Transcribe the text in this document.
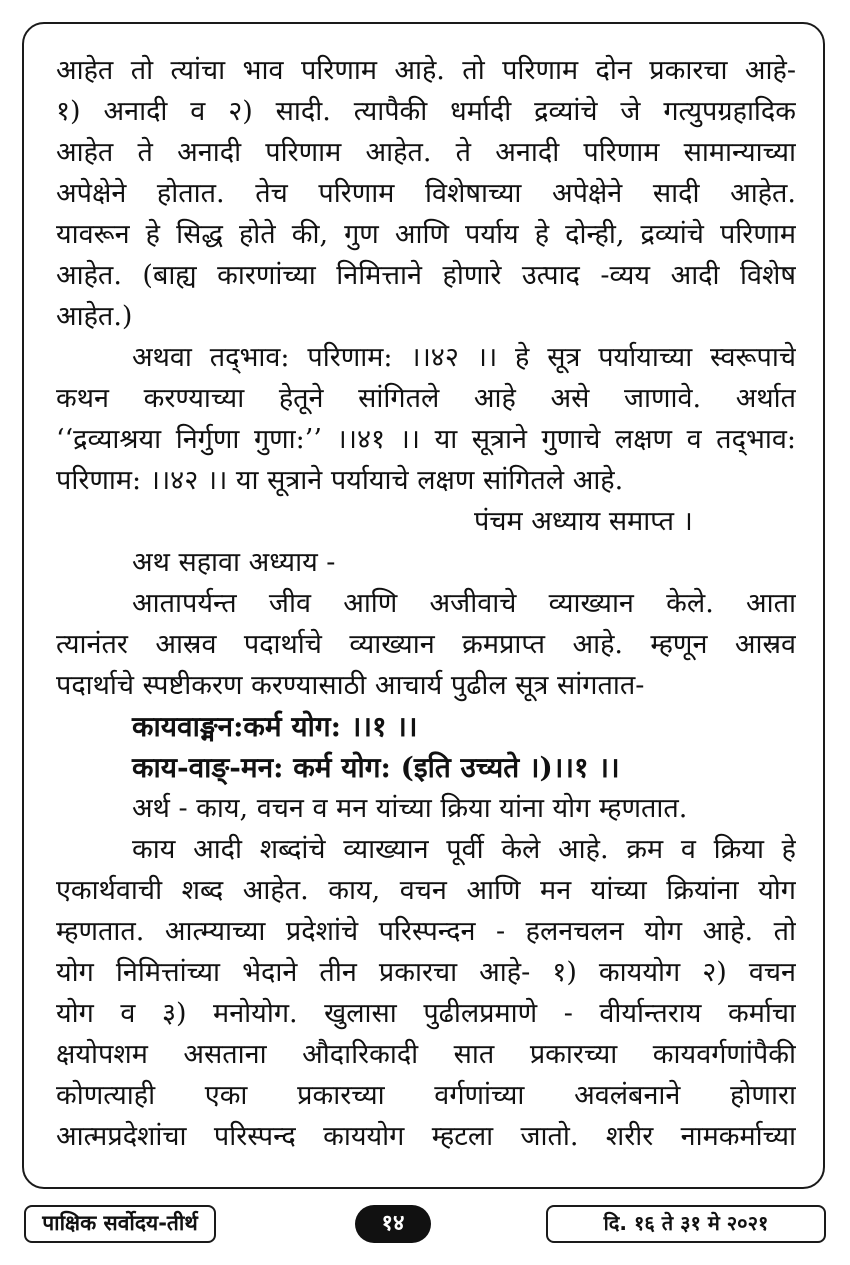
आहेत तो त्यांचा भाव परिणाम आहे. तो परिणाम दोन प्रकारचा आहे-
१) अनादी व २) सादी. त्यापैकी धर्मादी द्रव्यांचे जे गत्युपग्रहादिक
आहेत ते अनादी परिणाम आहेत. ते अनादी परिणाम सामान्याच्या
अपेक्षेने होतात. तेच परिणाम विशेषाच्या अपेक्षेने सादी आहेत.
यावरून हे सिद्ध होते की, गुण आणि पर्याय हे दोन्ही, द्रव्यांचे परिणाम
आहेत. (बाह्य कारणांच्या निमित्ताने होणारे उत्पाद -व्यय आदी विशेष
आहेत.)
अथवा तद्‌भाव: परिणाम: ।।४२ ।। हे सूत्र पर्यायाच्या स्वरूपाचे
कथन करण्याच्या हेतूने सांगितले आहे असे जाणावे. अर्थात
‘‘द्रव्याश्रया निर्गुणा गुणा:’’ ।।४१ ।। या सूत्राने गुणाचे लक्षण व तद्‌भाव:
परिणाम: ।।४२ ।। या सूत्राने पर्यायाचे लक्षण सांगितले आहे.
पंचम अध्याय समाप्त ।
अथ सहावा अध्याय -
आतापर्यन्त जीव आणि अजीवाचे व्याख्यान केले. आता
त्यानंतर आस्रव पदार्थाचे व्याख्यान क्रमप्राप्त आहे. म्हणून आस्रव
पदार्थाचे स्पष्टीकरण करण्यासाठी आचार्य पुढील सूत्र सांगतात-
कायवाङ्मन:कर्म योग: ।।१ ।।
काय-वाङ्-मन: कर्म योग: (इति उच्यते ।)।।१ ।।
अर्थ - काय, वचन व मन यांच्या क्रिया यांना योग म्हणतात.
काय आदी शब्दांचे व्याख्यान पूर्वी केले आहे. क्रम व क्रिया हे
एकार्थवाची शब्द आहेत. काय, वचन आणि मन यांच्या क्रियांना योग
म्हणतात. आत्म्याच्या प्रदेशांचे परिस्पन्दन - हलनचलन योग आहे. तो
योग निमित्तांच्या भेदाने तीन प्रकारचा आहे- १) काययोग २) वचन
योग व ३) मनोयोग. खुलासा पुढीलप्रमाणे - वीर्यान्तराय कर्माचा
क्षयोपशम असताना औदारिकादी सात प्रकारच्या कायवर्गणांपैकी
कोणत्याही एका प्रकारच्या वर्गणांच्या अवलंबनाने होणारा
आत्मप्रदेशांचा परिस्पन्द काययोग म्हटला जातो. शरीर नामकर्माच्या
पाक्षिक सर्वोदय-तीर्थ	१४	दि. १६ ते ३१ मे २०२१
